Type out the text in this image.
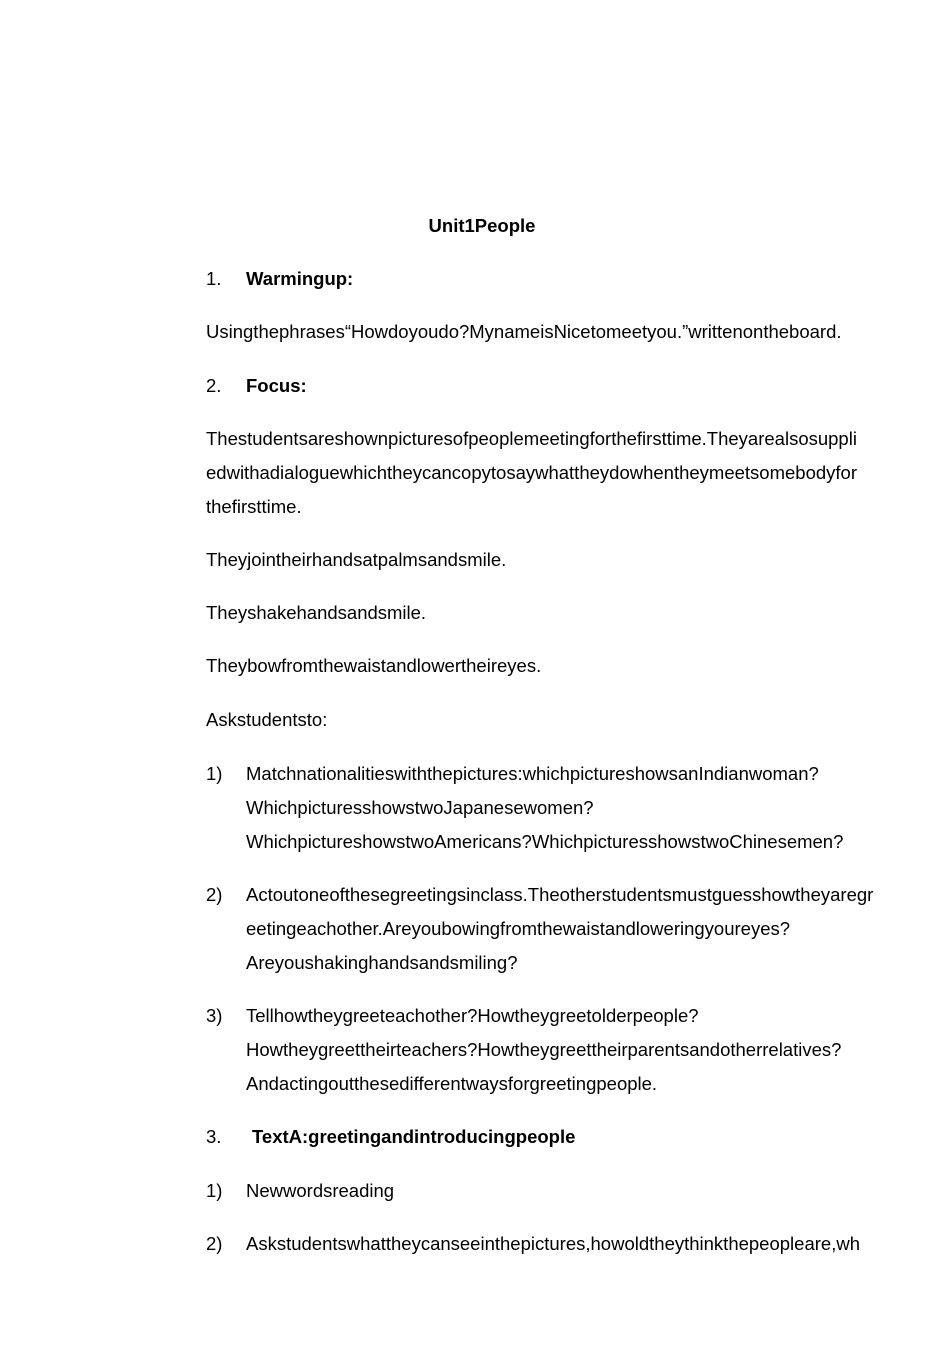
Unit1People
1. Warmingup:
Usingthephrases“Howdoyoudo?MynameisNicetomeetyou.”writtenontheboard.
2. Focus:
Thestudentsareshownpicturesofpeoplemeetingforthefirsttime.Theyarealsosuppli
edwithadialoguewhichtheycancopytosaywhattheydowhentheymeetsomebodyfor
thefirsttime.
Theyjointheirhandsatpalmsandsmile.
Theyshakehandsandsmile.
Theybowfromthewaistandlowertheireyes.
Askstudentsto:
1) Matchnationalitieswiththepictures:whichpictureshowsanIndianwoman?
WhichpicturesshowstwoJapanesewomen?
WhichpictureshowstwoAmericans?WhichpicturesshowstwoChinesemen?
2) Actoutoneofthesegreetingsinclass.Theotherstudentsmustguesshowtheyaregr
eetingeachother.Areyoubowingfromthewaistandloweringyoureyes?
Areyoushakinghandsandsmiling?
3) Tellhowtheygreeteachother?Howtheygreetolderpeople?
Howtheygreettheirteachers?Howtheygreettheirparentsandotherrelatives?
Andactingoutthesedifferentwaysforgreetingpeople.
3. TextA:greetingandintroducingpeople
1) Newwordsreading
2) Askstudentswhattheycanseeinthepictures,howoldtheythinkthepeopleare,wh
